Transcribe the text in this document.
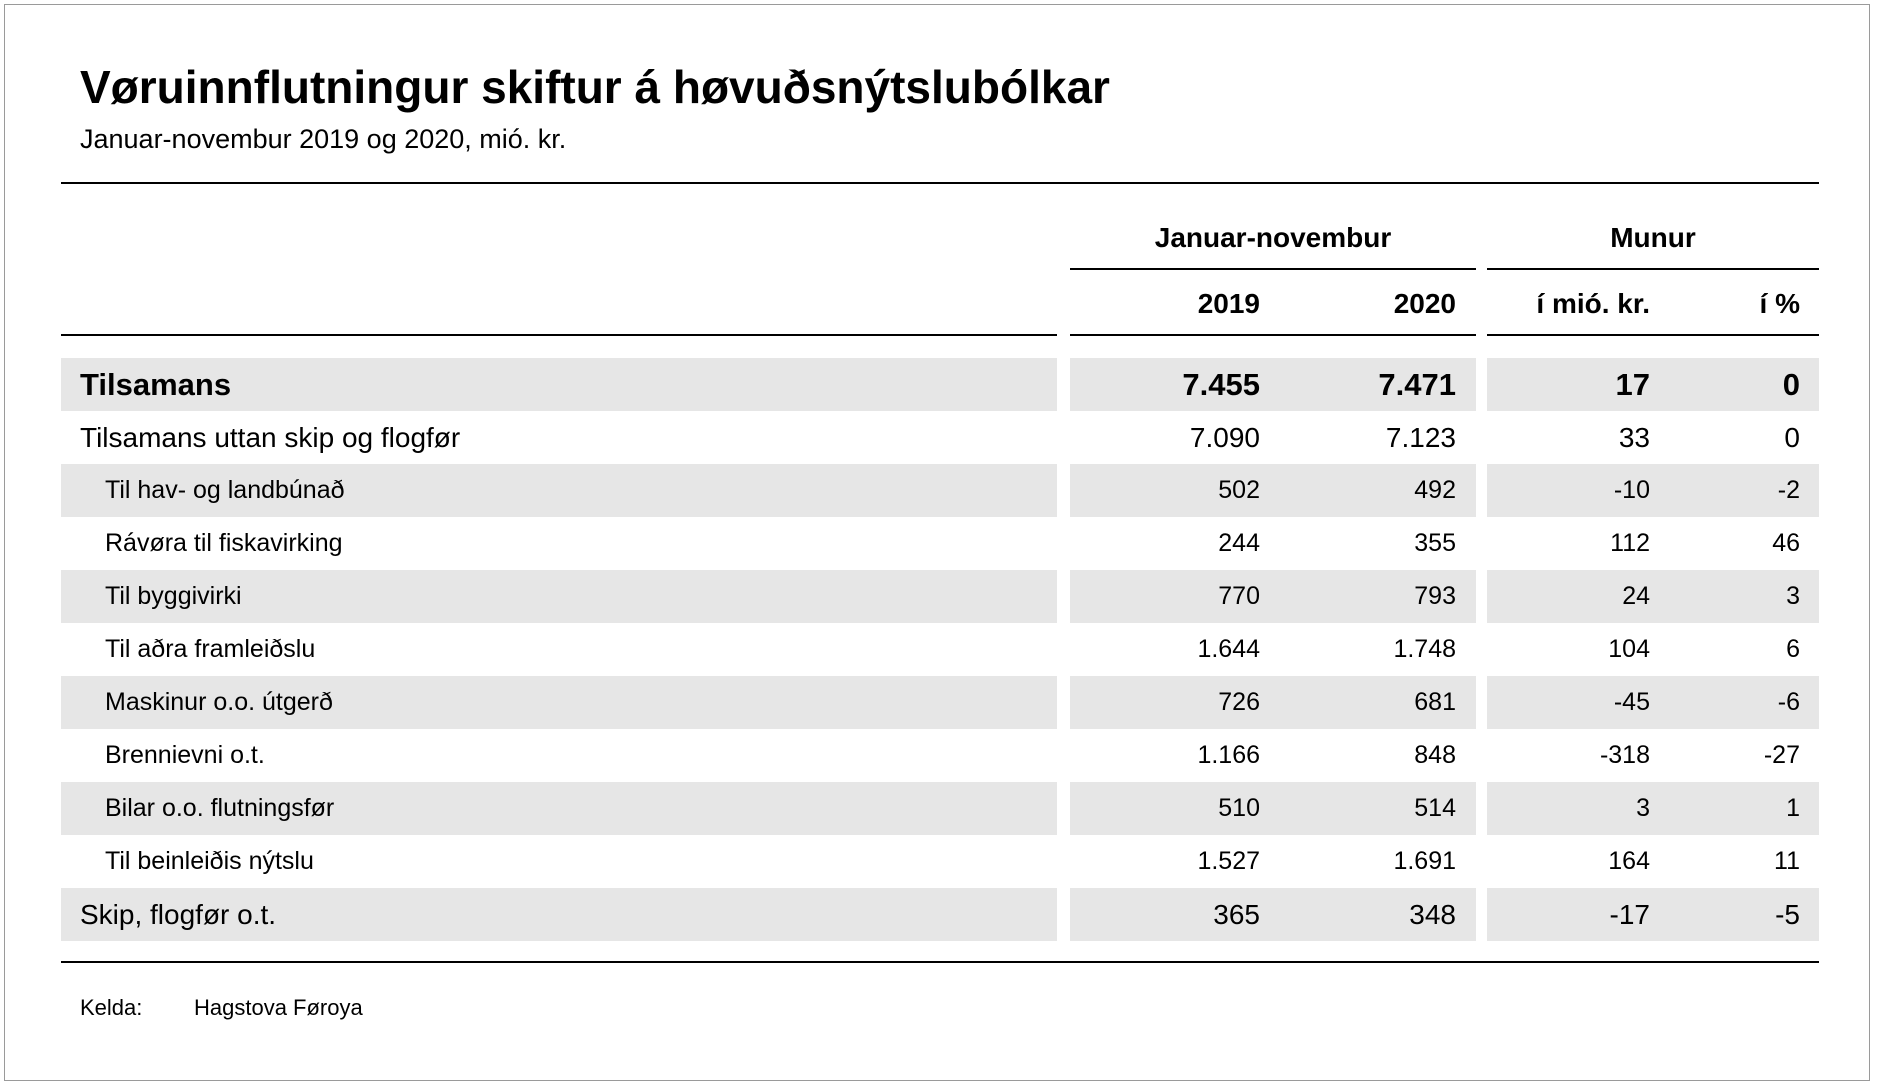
Vøruinnflutningur skiftur á høvuðsnýtslubólkar
Januar-novembur 2019 og 2020, mió. kr.
Januar-novembur	Munur
2019	2020	í mió. kr.	í %
Tilsamans	7.455	7.471	17	0
Tilsamans uttan skip og flogfør	7.090	7.123	33	0
Til hav- og landbúnað	502	492	-10	-2
Rávøra til fiskavirking	244	355	112	46
Til byggivirki	770	793	24	3
Til aðra framleiðslu	1.644	1.748	104	6
Maskinur o.o. útgerð	726	681	-45	-6
Brennievni o.t.	1.166	848	-318	-27
Bilar o.o. flutningsfør	510	514	3	1
Til beinleiðis nýtslu	1.527	1.691	164	11
Skip, flogfør o.t.	365	348	-17	-5
Kelda: Hagstova Føroya
